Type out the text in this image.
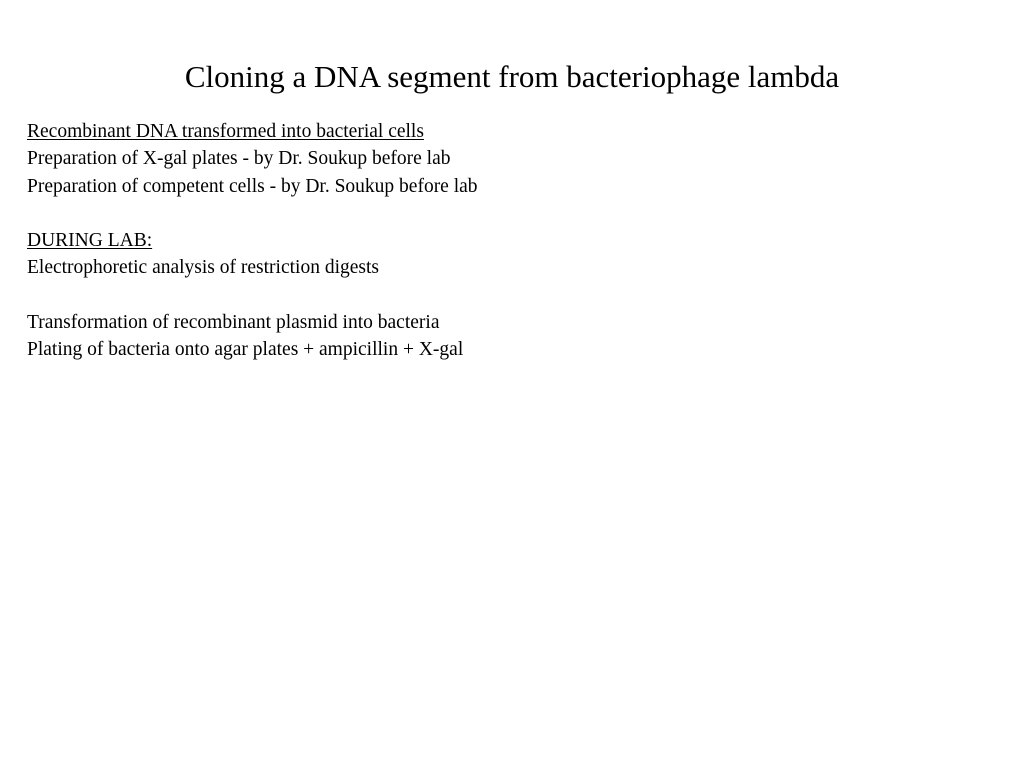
Cloning a DNA segment from bacteriophage lambda
Recombinant DNA transformed into bacterial cells
Preparation of X-gal plates - by Dr. Soukup before lab
Preparation of competent cells - by Dr. Soukup before lab
DURING LAB:
Electrophoretic analysis of restriction digests
Transformation of recombinant plasmid into bacteria
Plating of bacteria onto agar plates + ampicillin + X-gal
